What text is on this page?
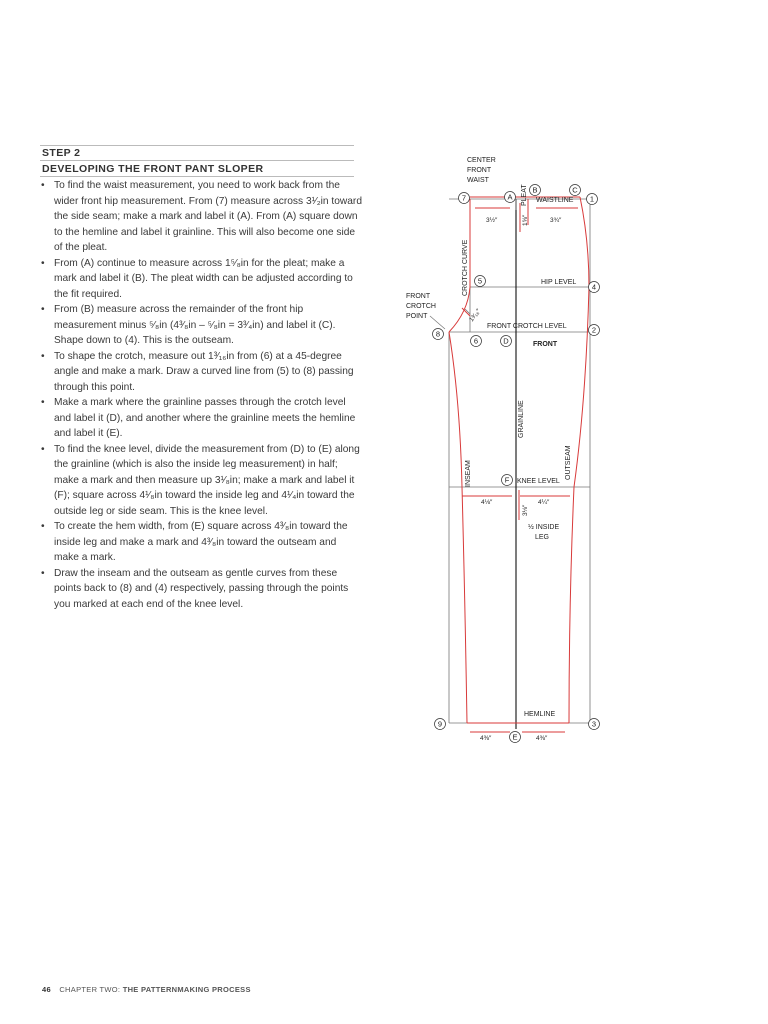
STEP 2
DEVELOPING THE FRONT PANT SLOPER
• To find the waist measurement, you need to work back from the wider front hip measurement. From (7) measure across 3¹⁄₂in toward the side seam; make a mark and label it (A). From (A) square down to the hemline and label it grainline. This will also become one side of the pleat.
• From (A) continue to measure across 1⁵⁄₈in for the pleat; make a mark and label it (B). The pleat width can be adjusted according to the fit required.
• From (B) measure across the remainder of the front hip measurement minus ⁵⁄₈in (4³⁄₈in – ⁵⁄₈in = 3³⁄₄in) and label it (C). Shape down to (4). This is the outseam.
• To shape the crotch, measure out 1³⁄₁₆in from (6) at a 45-degree angle and make a mark. Draw a curved line from (5) to (8) passing through this point.
• Make a mark where the grainline passes through the crotch level and label it (D), and another where the grainline meets the hemline and label it (E).
• To find the knee level, divide the measurement from (D) to (E) along the grainline (which is also the inside leg measurement) in half; make a mark and then measure up 3¹⁄₈in; make a mark and label it (F); square across 4¹⁄₈in toward the inside leg and 4¹⁄₄in toward the outside leg or side seam. This is the knee level.
• To create the hem width, from (E) square across 4³⁄₈in toward the inside leg and make a mark and 4³⁄₈in toward the outseam and make a mark.
• Draw the inseam and the outseam as gentle curves from these points back to (8) and (4) respectively, passing through the points you marked at each end of the knee level.
7	A
B	C
1
5
4
8	2
6	D
F
9	3
E
CENTER
FRONT
WAIST
FRONT
CROTCH
POINT
WAISTLINE
HIP LEVEL
FRONT CROTCH LEVEL
FRONT
KNEE LEVEL
½ INSIDE
LEG
HEMLINE
PLEAT
CROTCH CURVE
GRAINLINE
INSEAM	OUTSEAM
3½″	3¾″
1⅝″
1³⁄₁₆″
4⅛″	4¼″
3⅛″
4⅜″	4⅜″
46 CHAPTER TWO: THE PATTERNMAKING PROCESS
